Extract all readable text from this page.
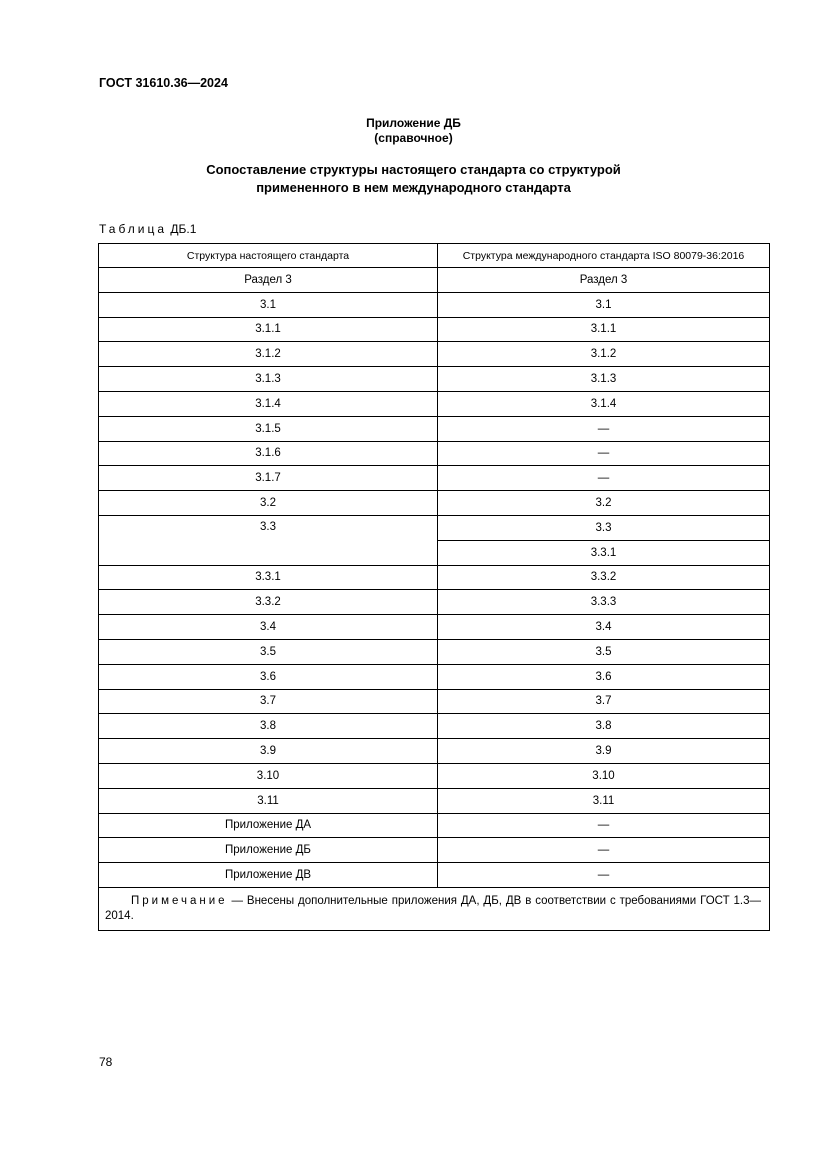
ГОСТ 31610.36—2024
Приложение ДБ
(справочное)
Сопоставление структуры настоящего стандарта со структурой
примененного в нем международного стандарта
Таблица ДБ.1
Структура настоящего стандарта	Структура международного стандарта ISO 80079-36:2016
Раздел 3	Раздел 3
3.1	3.1
3.1.1	3.1.1
3.1.2	3.1.2
3.1.3	3.1.3
3.1.4	3.1.4
3.1.5	—
3.1.6	—
3.1.7	—
3.2	3.2
3.3	3.3
	3.3.1
3.3.1	3.3.2
3.3.2	3.3.3
3.4	3.4
3.5	3.5
3.6	3.6
3.7	3.7
3.8	3.8
3.9	3.9
3.10	3.10
3.11	3.11
Приложение ДА	—
Приложение ДБ	—
Приложение ДВ	—
Примечание — Внесены дополнительные приложения ДА, ДБ, ДВ в соответствии с требованиями ГОСТ 1.3—2014.	
78
